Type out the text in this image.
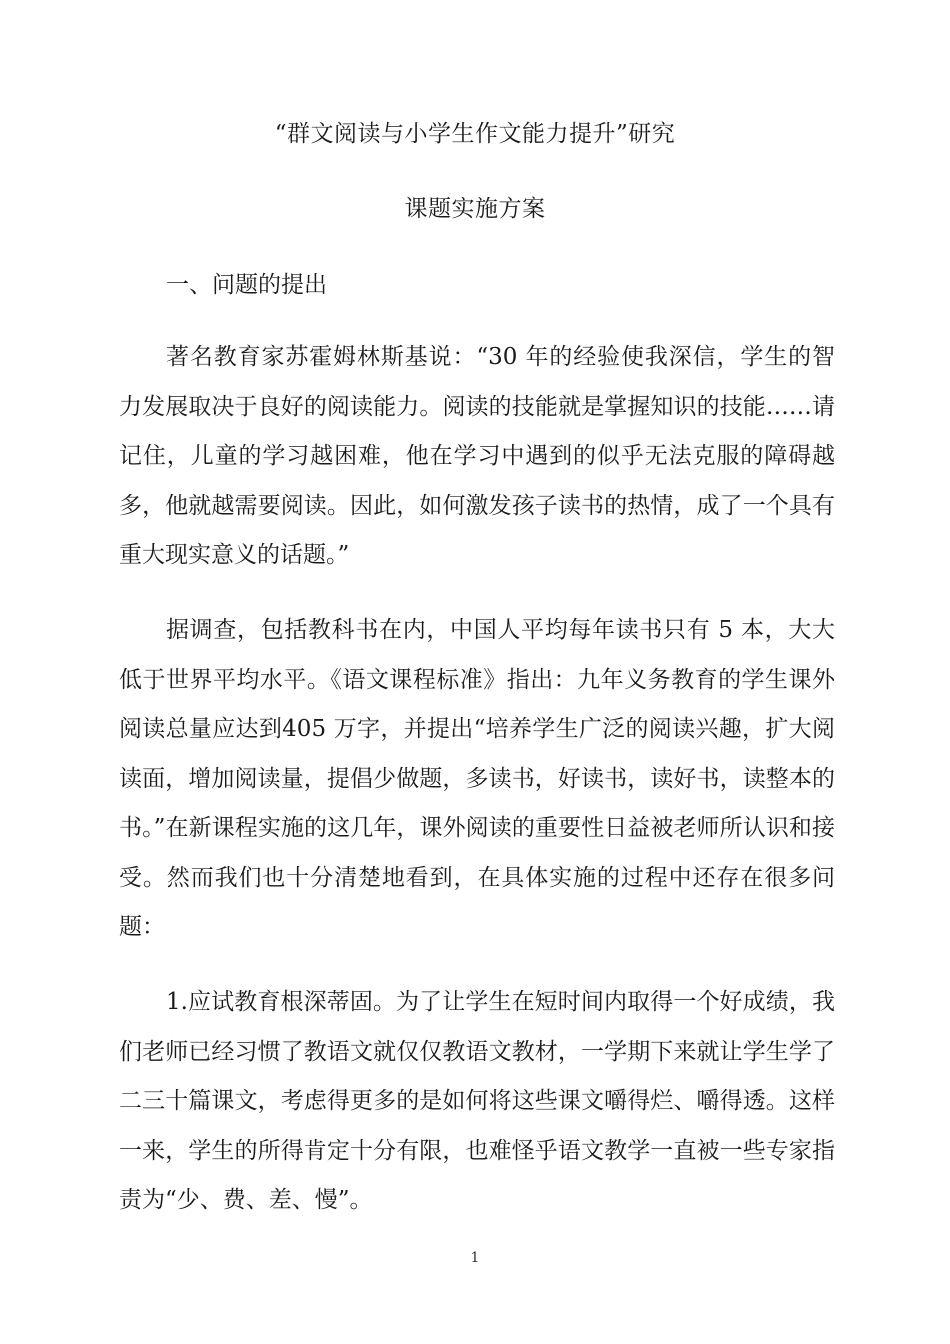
“群文阅读与小学生作文能力提升”研究
课题实施方案
一、问题的提出

著名教育家苏霍姆林斯基说：“30 年的经验使我深信，学生的智力发展取决于良好的阅读能力。阅读的技能就是掌握知识的技能……请记住，儿童的学习越困难，他在学习中遇到的似乎无法克服的障碍越多，他就越需要阅读。因此，如何激发孩子读书的热情，成了一个具有重大现实意义的话题。”

据调查，包括教科书在内，中国人平均每年读书只有 5 本，大大低于世界平均水平。《语文课程标准》指出：九年义务教育的学生课外阅读总量应达到405 万字，并提出“培养学生广泛的阅读兴趣，扩大阅读面，增加阅读量，提倡少做题，多读书，好读书，读好书，读整本的书。”在新课程实施的这几年，课外阅读的重要性日益被老师所认识和接受。然而我们也十分清楚地看到，在具体实施的过程中还存在很多问题：

1.应试教育根深蒂固。为了让学生在短时间内取得一个好成绩，我们老师已经习惯了教语文就仅仅教语文教材，一学期下来就让学生学了二三十篇课文，考虑得更多的是如何将这些课文嚼得烂、嚼得透。这样一来，学生的所得肯定十分有限，也难怪乎语文教学一直被一些专家指责为“少、费、差、慢”。

1
